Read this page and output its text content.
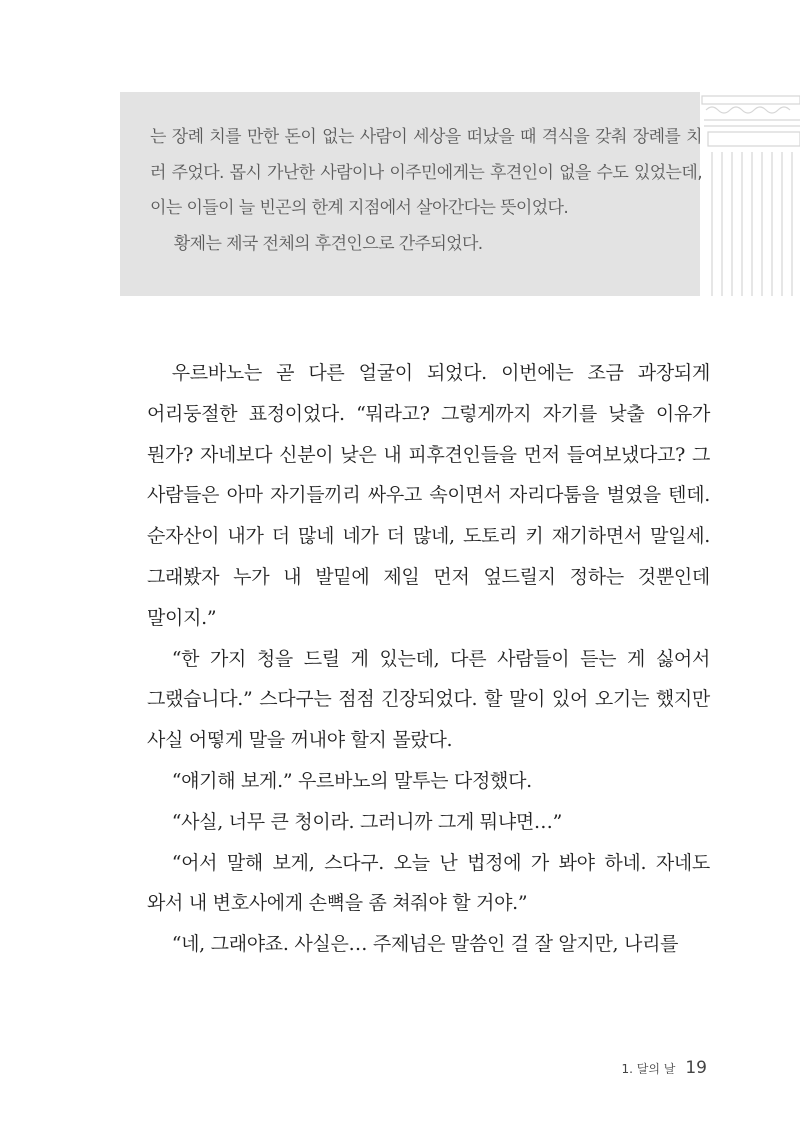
는 장례 치를 만한 돈이 없는 사람이 세상을 떠났을 때 격식을 갖춰 장례를 치러 주었다. 몹시 가난한 사람이나 이주민에게는 후견인이 없을 수도 있었는데, 이는 이들이 늘 빈곤의 한계 지점에서 살아간다는 뜻이었다.

황제는 제국 전체의 후견인으로 간주되었다.

우르바노는 곧 다른 얼굴이 되었다. 이번에는 조금 과장되게 어리둥절한 표정이었다. “뭐라고? 그렇게까지 자기를 낮출 이유가 뭔가? 자네보다 신분이 낮은 내 피후견인들을 먼저 들여보냈다고? 그 사람들은 아마 자기들끼리 싸우고 속이면서 자리다툼을 벌였을 텐데. 순자산이 내가 더 많네 네가 더 많네, 도토리 키 재기하면서 말일세. 그래봤자 누가 내 발밑에 제일 먼저 엎드릴지 정하는 것뿐인데 말이지.”

“한 가지 청을 드릴 게 있는데, 다른 사람들이 듣는 게 싫어서 그랬습니다.” 스다구는 점점 긴장되었다. 할 말이 있어 오기는 했지만 사실 어떻게 말을 꺼내야 할지 몰랐다.

“얘기해 보게.” 우르바노의 말투는 다정했다.

“사실, 너무 큰 청이라. 그러니까 그게 뭐냐면…”

“어서 말해 보게, 스다구. 오늘 난 법정에 가 봐야 하네. 자네도 와서 내 변호사에게 손뼉을 좀 쳐줘야 할 거야.”

“네, 그래야죠. 사실은… 주제넘은 말씀인 걸 잘 알지만, 나리를

1. 달의 날 19
